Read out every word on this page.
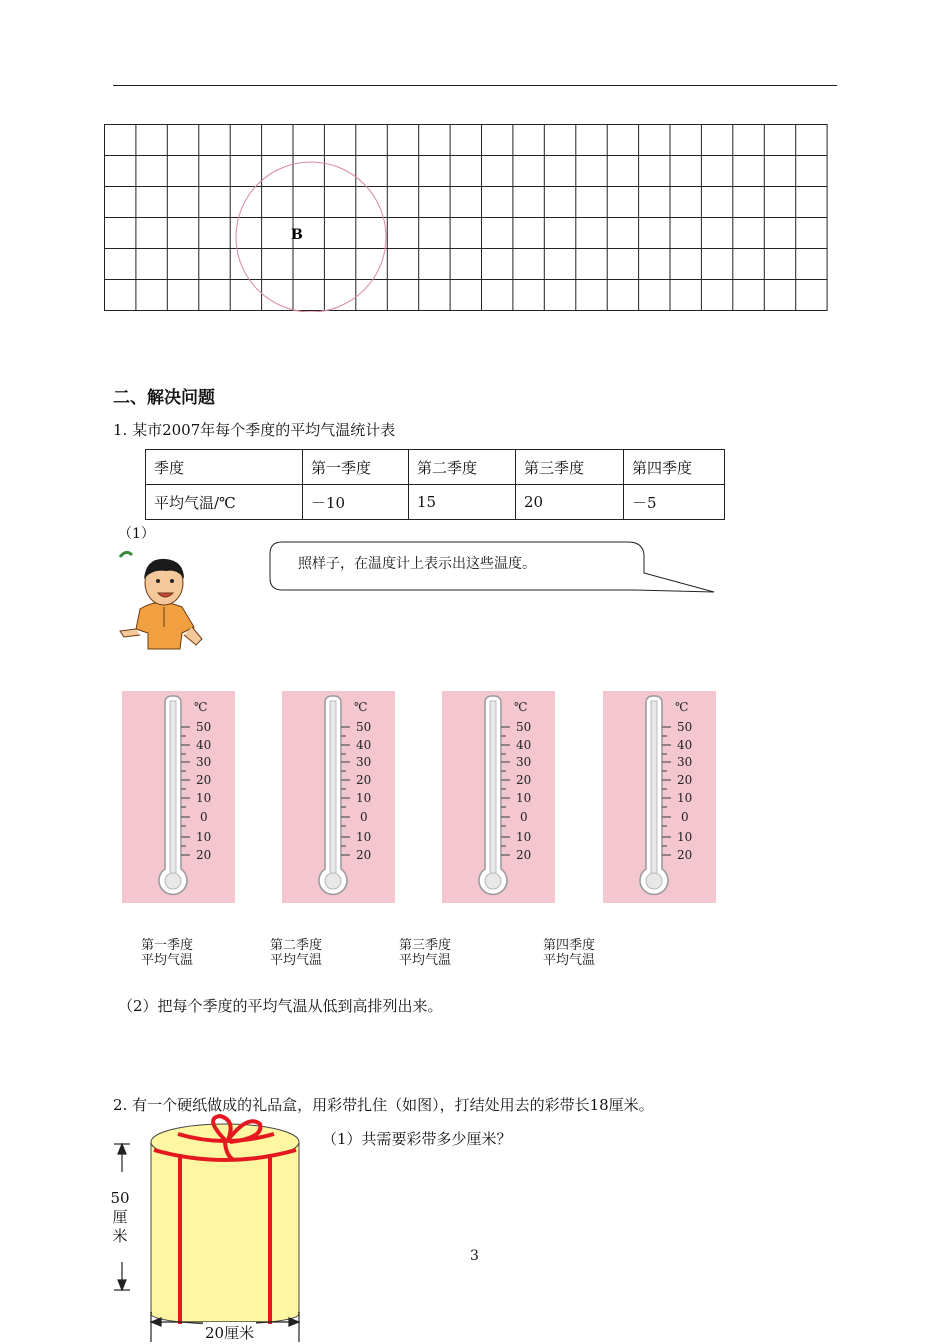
B
二、解决问题
1. 某市2007年每个季度的平均气温统计表
季度	第一季度	第二季度	第三季度	第四季度
平均气温/℃	－10	15	20	－5
（1）
照样子，在温度计上表示出这些温度。
℃
50
40
30
20
10
0
10
20
℃
50
40
30
20
10
0
10
20
℃
50
40
30
20
10
0
10
20
℃
50
40
30
20
10
0
10
20
第一季度
平均气温
第二季度
平均气温
第三季度
平均气温
第四季度
平均气温
（2）把每个季度的平均气温从低到高排列出来。
2. 有一个硬纸做成的礼品盒，用彩带扎住（如图），打结处用去的彩带长18厘米。
50
厘
米
20厘米
（1）共需要彩带多少厘米？
3
